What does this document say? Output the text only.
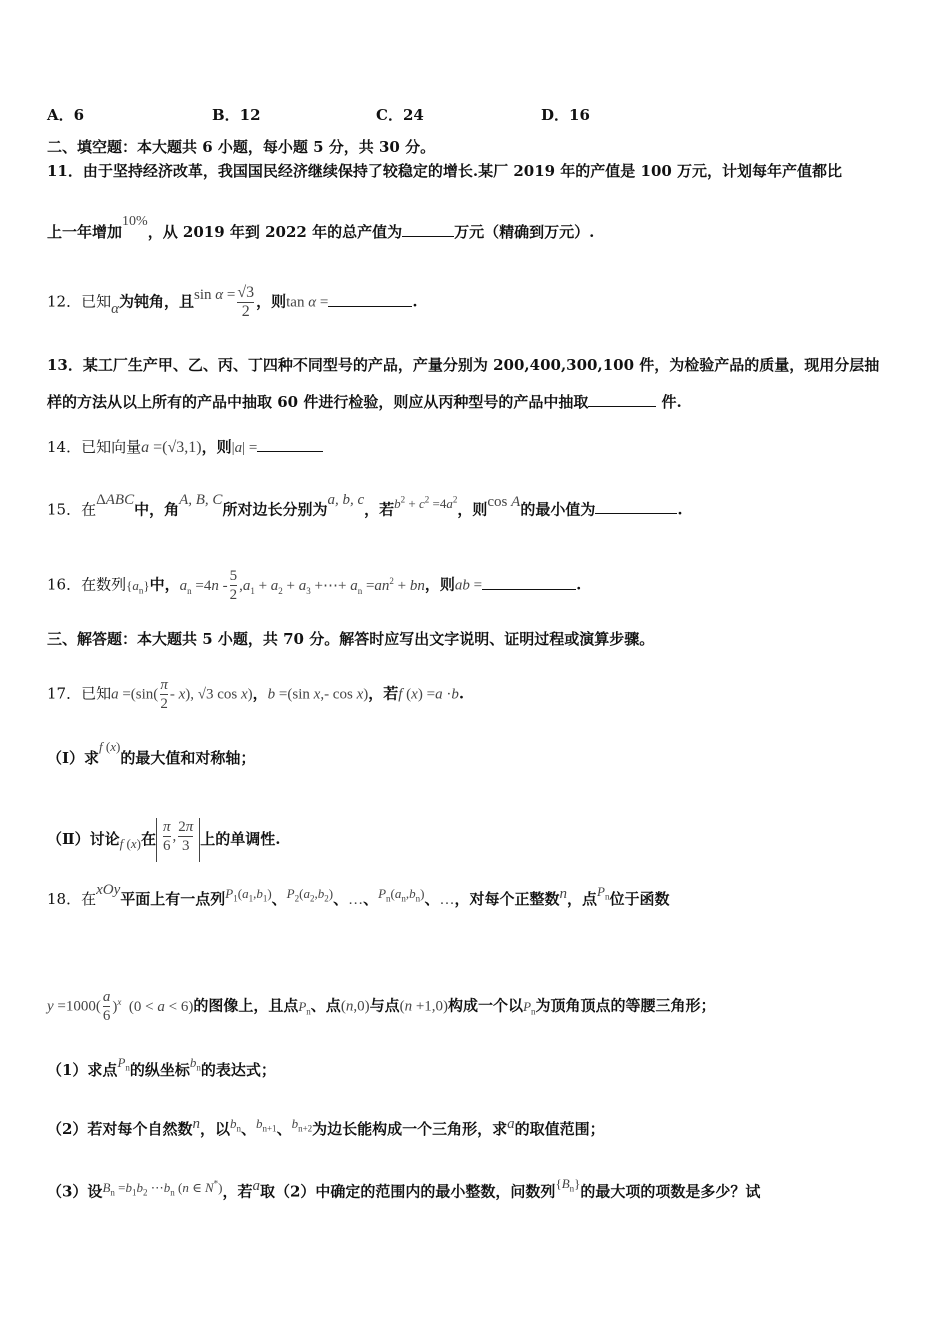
A．6	B．12	C．24	D．16
二、填空题：本大题共 6 小题，每小题 5 分，共 30 分。
11．由于坚持经济改革，我国国民经济继续保持了较稳定的增长.某厂 2019 年的产值是 100 万元，计划每年产值都比
上一年增加10%，从 2019 年到 2022 年的总产值为	万元（精确到万元）.
12．已知α为钝角，且$\sin \alpha = \frac{√3}{2}$ ，则tan α =	.
13．某工厂生产甲、乙、丙、丁四种不同型号的产品，产量分别为 200,400,300,100 件，为检验产品的质量，现用分层抽
样的方法从以上所有的产品中抽取 60 件进行检验，则应从丙种型号的产品中抽取	件.
14．已知向量a =(√3,1)，则|a| =
15．在ΔABC中，角A, B, C所对边长分别为a, b, c，若$b^2 + c^2 =4a^2$，则cos A的最小值为	.
16．在数列$\{a_n\}$中，$a_n =4n - \frac{5}{2} ,a_1 + a_2 + a_3$ +⋯+ $a_n =an^2$ + bn，则ab =	.
三、解答题：本大题共 5 小题，共 70 分。解答时应写出文字说明、证明过程或演算步骤。
17．已知$a =(\sin( \frac{\pi}{2} - x)$, √3 cos x)，b =(sin x,- cos x)，若f (x) =a ·b.
（Ⅰ）求f (x)的最大值和对称轴；
（Ⅱ）讨论f (x)在 $\frac{\pi}{6}$ , $\frac{2\pi}{3}$ 上的单调性.
18．在xOy平面上有一点列$P_1(a_1,b_1)$、$P_2(a_2,b_2)$、…、$P_n(a_n,b_n)$、…，对每个正整数n，点$P_n$位于函数
$y =1000( \frac{a}{6} )^x$  (0 < a < 6)的图像上，且点$P_n$、点(n,0)与点(n +1,0)构成一个以$P_n$为顶角顶点的等腰三角形；
（1）求点$P_n$的纵坐标$b_n$的表达式；
（2）若对每个自然数n，以$b_n$、$b_{n+1}$、$b_{n+2}$为边长能构成一个三角形，求a的取值范围；
（3）设$B_n =b_1b_2$ $\cdots b_n$ (n ∈ N*)，若a取（2）中确定的范围内的最小整数，问数列$\{B_n\}$的最大项的项数是多少？试
